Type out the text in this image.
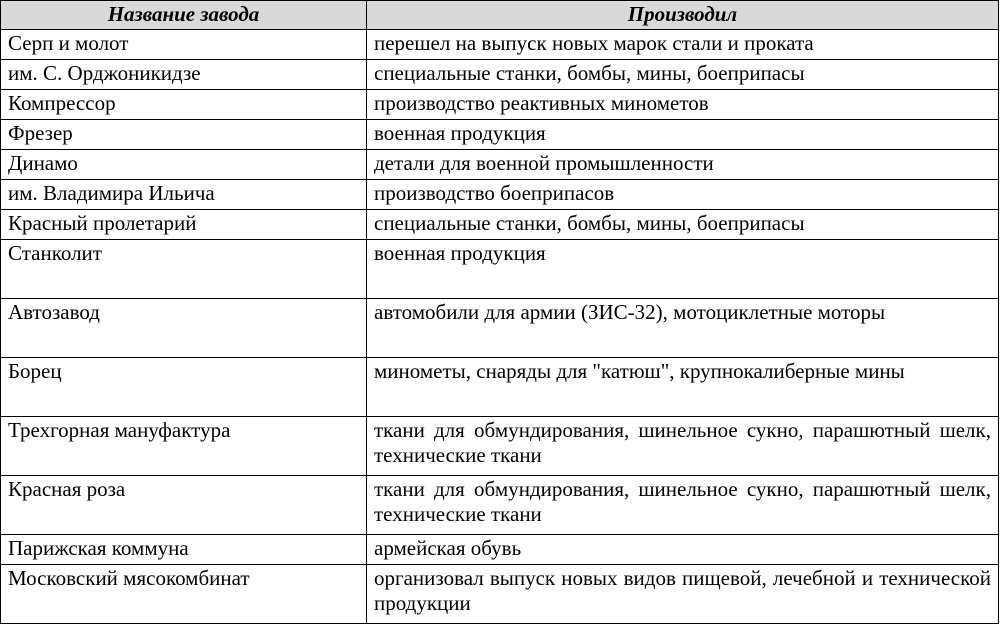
Название завода	Производил
Серп и молот	перешел на выпуск новых марок стали и проката
им. С. Орджоникидзе	специальные станки, бомбы, мины, боеприпасы
Компрессор	производство реактивных минометов
Фрезер	военная продукция
Динамо	детали для военной промышленности
им. Владимира Ильича	производство боеприпасов
Красный пролетарий	специальные станки, бомбы, мины, боеприпасы
Станколит	военная продукция
Автозавод	автомобили для армии (ЗИС-32), мотоциклетные моторы
Борец	минометы, снаряды для "катюш", крупнокалиберные мины
Трехгорная мануфактура	ткани для обмундирования, шинельное сукно, парашютный шелк, технические ткани
Красная роза	ткани для обмундирования, шинельное сукно, парашютный шелк, технические ткани
Парижская коммуна	армейская обувь
Московский мясокомбинат	организовал выпуск новых видов пищевой, лечебной и технической продукции
